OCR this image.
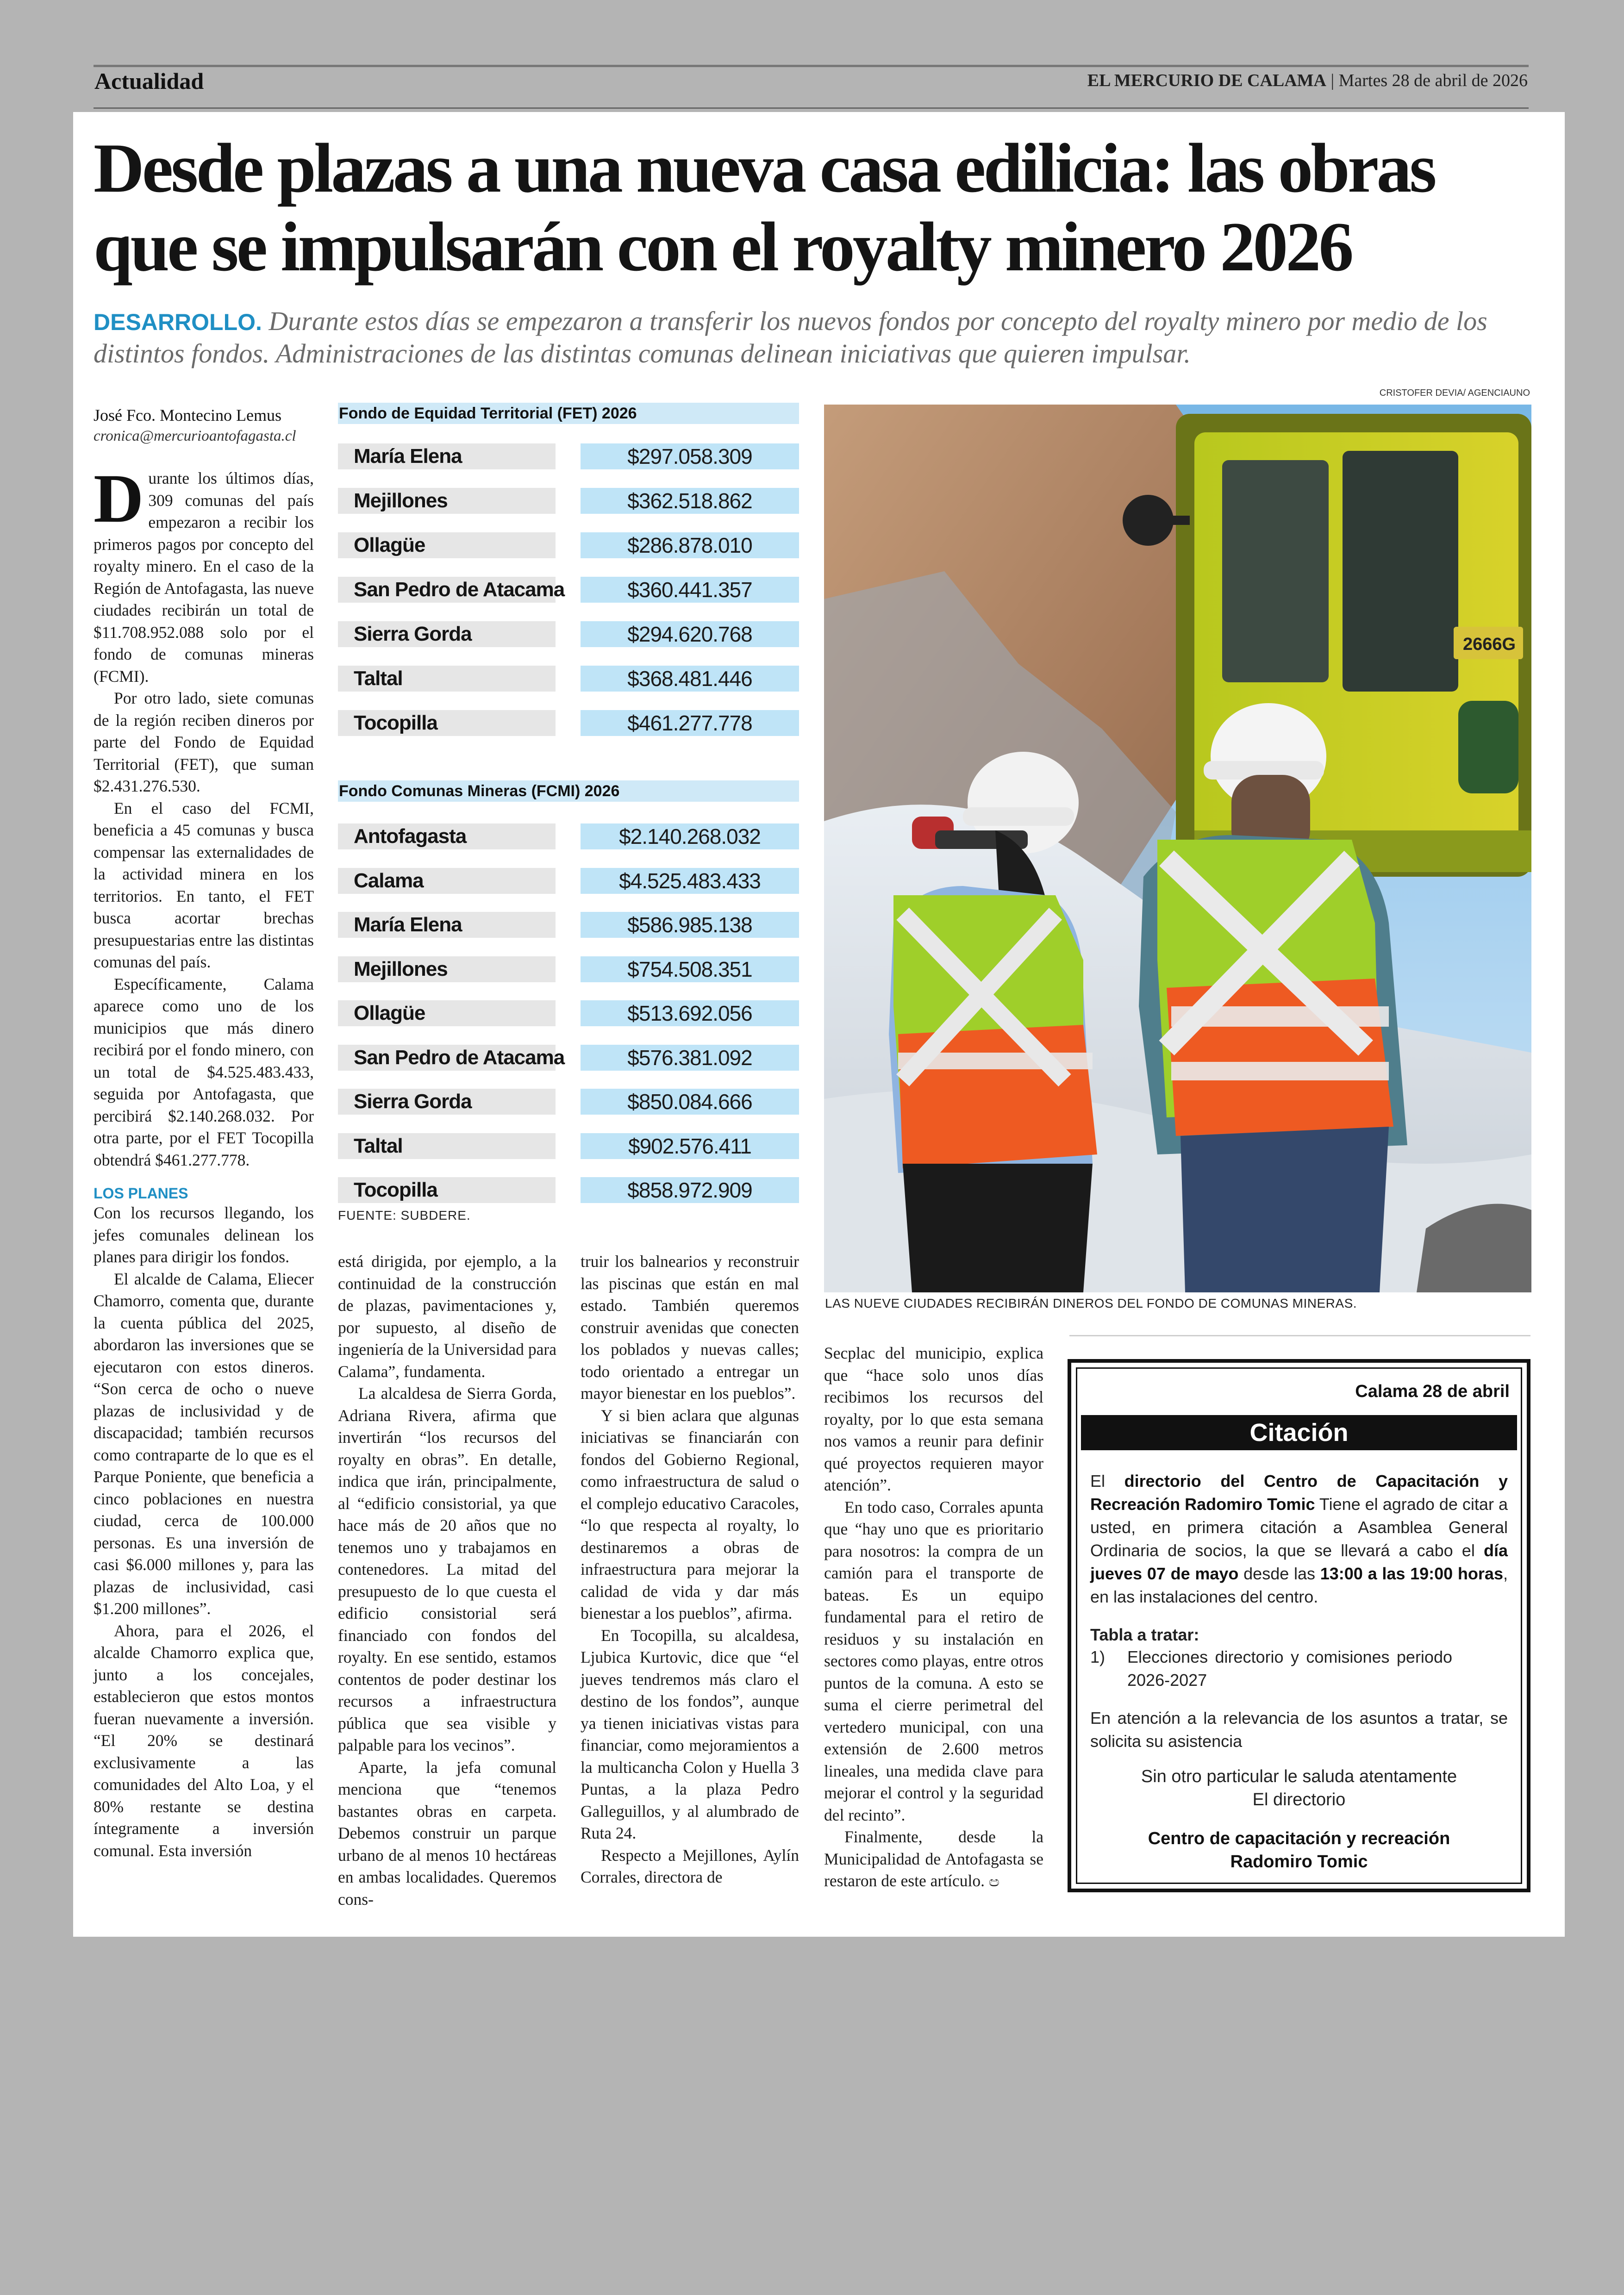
Actualidad	EL MERCURIO DE CALAMA | Martes 28 de abril de 2026
Desde plazas a una nueva casa edilicia: las obras
que se impulsarán con el royalty minero 2026
DESARROLLO. Durante estos días se empezaron a transferir los nuevos fondos por concepto del royalty minero por medio de los distintos fondos. Administraciones de las distintas comunas delinean iniciativas que quieren impulsar.
CRISTOFER DEVIA/ AGENCIAUNO
José Fco. Montecino Lemus
cronica@mercurioantofagasta.cl

Durante los últimos días, 309 comunas del país empezaron a recibir los primeros pagos por concepto del royalty minero. En el caso de la Región de Antofagasta, las nueve ciudades recibirán un total de $11.708.952.088 solo por el fondo de comunas mineras (FCMI).

Por otro lado, siete comunas de la región reciben dineros por parte del Fondo de Equidad Territorial (FET), que suman $2.431.276.530.

En el caso del FCMI, beneficia a 45 comunas y busca compensar las externalidades de la actividad minera en los territorios. En tanto, el FET busca acortar brechas presupuestarias entre las distintas comunas del país.

Específicamente, Calama aparece como uno de los municipios que más dinero recibirá por el fondo minero, con un total de $4.525.483.433, seguida por Antofagasta, que percibirá $2.140.268.032. Por otra parte, por el FET Tocopilla obtendrá $461.277.778.

LOS PLANES

Con los recursos llegando, los jefes comunales delinean los planes para dirigir los fondos.

El alcalde de Calama, Eliecer Chamorro, comenta que, durante la cuenta pública del 2025, abordaron las inversiones que se ejecutaron con estos dineros. “Son cerca de ocho o nueve plazas de inclusividad y de discapacidad; también recursos como contraparte de lo que es el Parque Poniente, que beneficia a cinco poblaciones en nuestra ciudad, cerca de 100.000 personas. Es una inversión de casi $6.000 millones y, para las plazas de inclusividad, casi $1.200 millones”.

Ahora, para el 2026, el alcalde Chamorro explica que, junto a los concejales, establecieron que estos montos fueran nuevamente a inversión. “El 20% se destinará exclusivamente a las comunidades del Alto Loa, y el 80% restante se destina íntegramente a inversión comunal. Esta inversión

está dirigida, por ejemplo, a la continuidad de la construcción de plazas, pavimentaciones y, por supuesto, al diseño de ingeniería de la Universidad para Calama”, fundamenta.

La alcaldesa de Sierra Gorda, Adriana Rivera, afirma que invertirán “los recursos del royalty en obras”. En detalle, indica que irán, principalmente, al “edificio consistorial, ya que hace más de 20 años que no tenemos uno y trabajamos en contenedores. La mitad del presupuesto de lo que cuesta el edificio consistorial será financiado con fondos del royalty. En ese sentido, estamos contentos de poder destinar los recursos a infraestructura pública que sea visible y palpable para los vecinos”.

Aparte, la jefa comunal menciona que “tenemos bastantes obras en carpeta. Debemos construir un parque urbano de al menos 10 hectáreas en ambas localidades. Queremos cons-

truir los balnearios y reconstruir las piscinas que están en mal estado. También queremos construir avenidas que conecten los poblados y nuevas calles; todo orientado a entregar un mayor bienestar en los pueblos”.

Y si bien aclara que algunas iniciativas se financiarán con fondos del Gobierno Regional, como infraestructura de salud o el complejo educativo Caracoles, “lo que respecta al royalty, lo destinaremos a obras de infraestructura para mejorar la calidad de vida y dar más bienestar a los pueblos”, afirma.

En Tocopilla, su alcaldesa, Ljubica Kurtovic, dice que “el jueves tendremos más claro el destino de los fondos”, aunque ya tienen iniciativas vistas para financiar, como mejoramientos a la multicancha Colon y Huella 3 Puntas, a la plaza Pedro Galleguillos, y al alumbrado de Ruta 24.

Respecto a Mejillones, Aylín Corrales, directora de

Secplac del municipio, explica que “hace solo unos días recibimos los recursos del royalty, por lo que esta semana nos vamos a reunir para definir qué proyectos requieren mayor atención”.

En todo caso, Corrales apunta que “hay uno que es prioritario para nosotros: la compra de un camión para el transporte de bateas. Es un equipo fundamental para el retiro de residuos y su instalación en sectores como playas, entre otros puntos de la comuna. A esto se suma el cierre perimetral del vertedero municipal, con una extensión de 2.600 metros lineales, una medida clave para mejorar el control y la seguridad del recinto”.

Finalmente, desde la Municipalidad de Antofagasta se restaron de este artículo. ඏ

Fondo de Equidad Territorial (FET) 2026
María Elena	$297.058.309
Mejillones	$362.518.862
Ollagüe	$286.878.010
San Pedro de Atacama	$360.441.357
Sierra Gorda	$294.620.768
Taltal	$368.481.446
Tocopilla	$461.277.778
Fondo Comunas Mineras (FCMI) 2026
Antofagasta	$2.140.268.032
Calama	$4.525.483.433
María Elena	$586.985.138
Mejillones	$754.508.351
Ollagüe	$513.692.056
San Pedro de Atacama	$576.381.092
Sierra Gorda	$850.084.666
Taltal	$902.576.411
Tocopilla	$858.972.909
FUENTE: SUBDERE.
2666G
LAS NUEVE CIUDADES RECIBIRÁN DINEROS DEL FONDO DE COMUNAS MINERAS.
Calama 28 de abril
Citación
El directorio del Centro de Capacitación y Recreación Radomiro Tomic Tiene el agrado de citar a usted, en primera citación a Asamblea General Ordinaria de socios, la que se llevará a cabo el día jueves 07 de mayo desde las 13:00 a las 19:00 horas, en las instalaciones del centro.
Tabla a tratar:
1) Elecciones directorio y comisiones periodo 2026-2027
En atención a la relevancia de los asuntos a tratar, se solicita su asistencia
Sin otro particular le saluda atentamente
El directorio
Centro de capacitación y recreación
Radomiro Tomic
